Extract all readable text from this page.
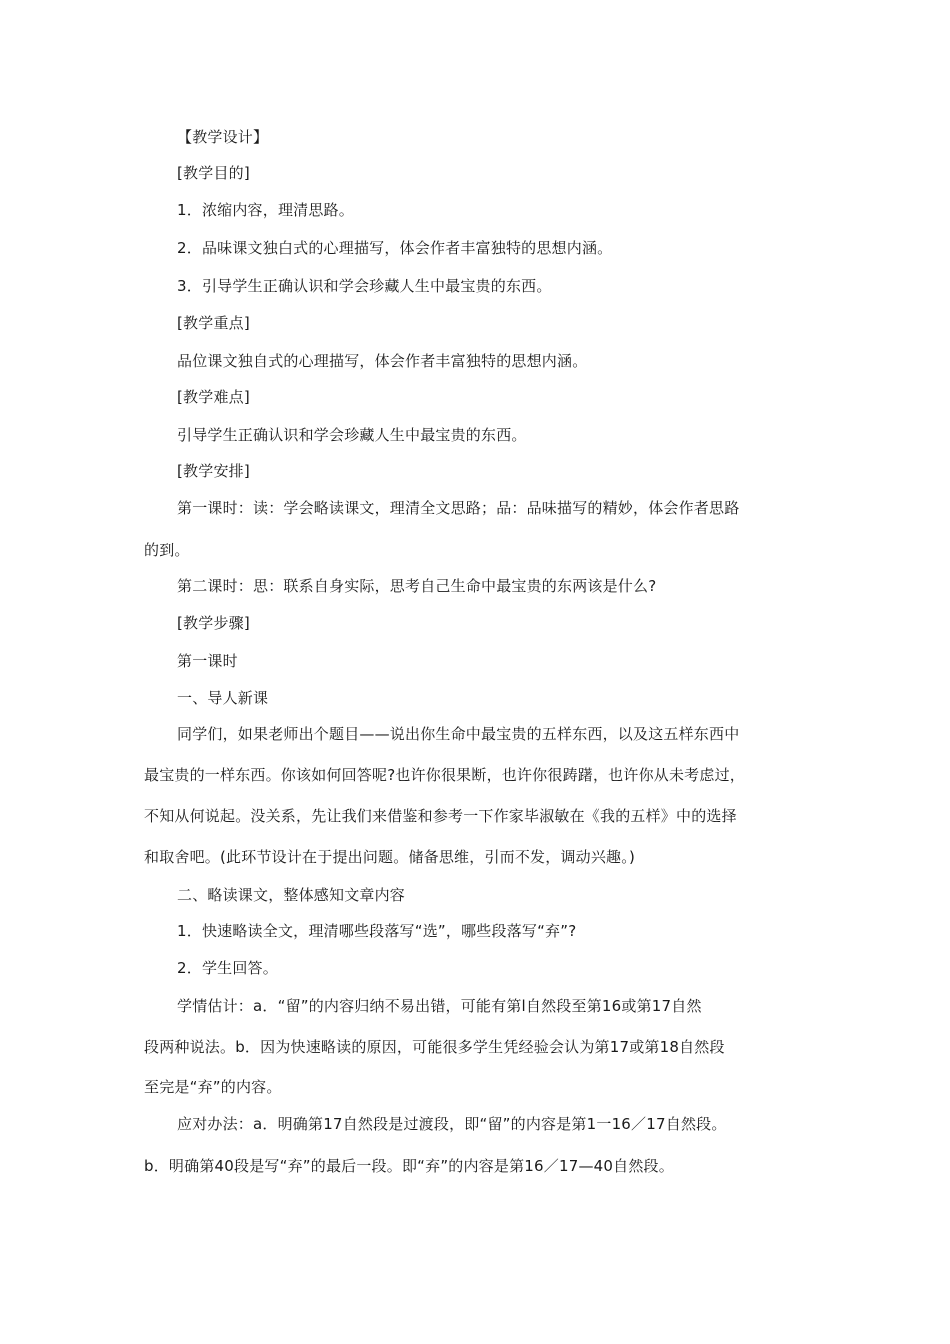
【教学设计】
[教学目的]
1．浓缩内容，理清思路。
2．品味课文独白式的心理描写，体会作者丰富独特的思想内涵。
3．引导学生正确认识和学会珍藏人生中最宝贵的东西。
[教学重点]
品位课文独自式的心理描写，体会作者丰富独特的思想内涵。
[教学难点]
引导学生正确认识和学会珍藏人生中最宝贵的东西。
[教学安排]
第一课时：读：学会略读课文，理清全文思路；品：品味描写的精妙，体会作者思路
的到。
第二课时：思：联系自身实际，思考自己生命中最宝贵的东两该是什么?
[教学步骤]
第一课时
一、导人新课
同学们，如果老师出个题目——说出你生命中最宝贵的五样东西，以及这五样东西中
最宝贵的一样东西。你该如何回答呢?也许你很果断，也许你很踌躇，也许你从未考虑过，
不知从何说起。没关系，先让我们来借鉴和参考一下作家毕淑敏在《我的五样》中的选择
和取舍吧。(此环节设计在于提出问题。储备思维，引而不发，调动兴趣。)
二、略读课文，整体感知文章内容
1．快速略读全文，理清哪些段落写“选”，哪些段落写“弃”?
2．学生回答。
学情估计：a．“留”的内容归纳不易出错，可能有第l自然段至第16或第17自然
段两种说法。b．因为快速略读的原因，可能很多学生凭经验会认为第17或第18自然段
至完是“弃”的内容。
应对办法：a．明确第17自然段是过渡段，即“留”的内容是第1一16／17自然段。
b．明确第40段是写“弃”的最后一段。即“弃”的内容是第16／17—40自然段。
